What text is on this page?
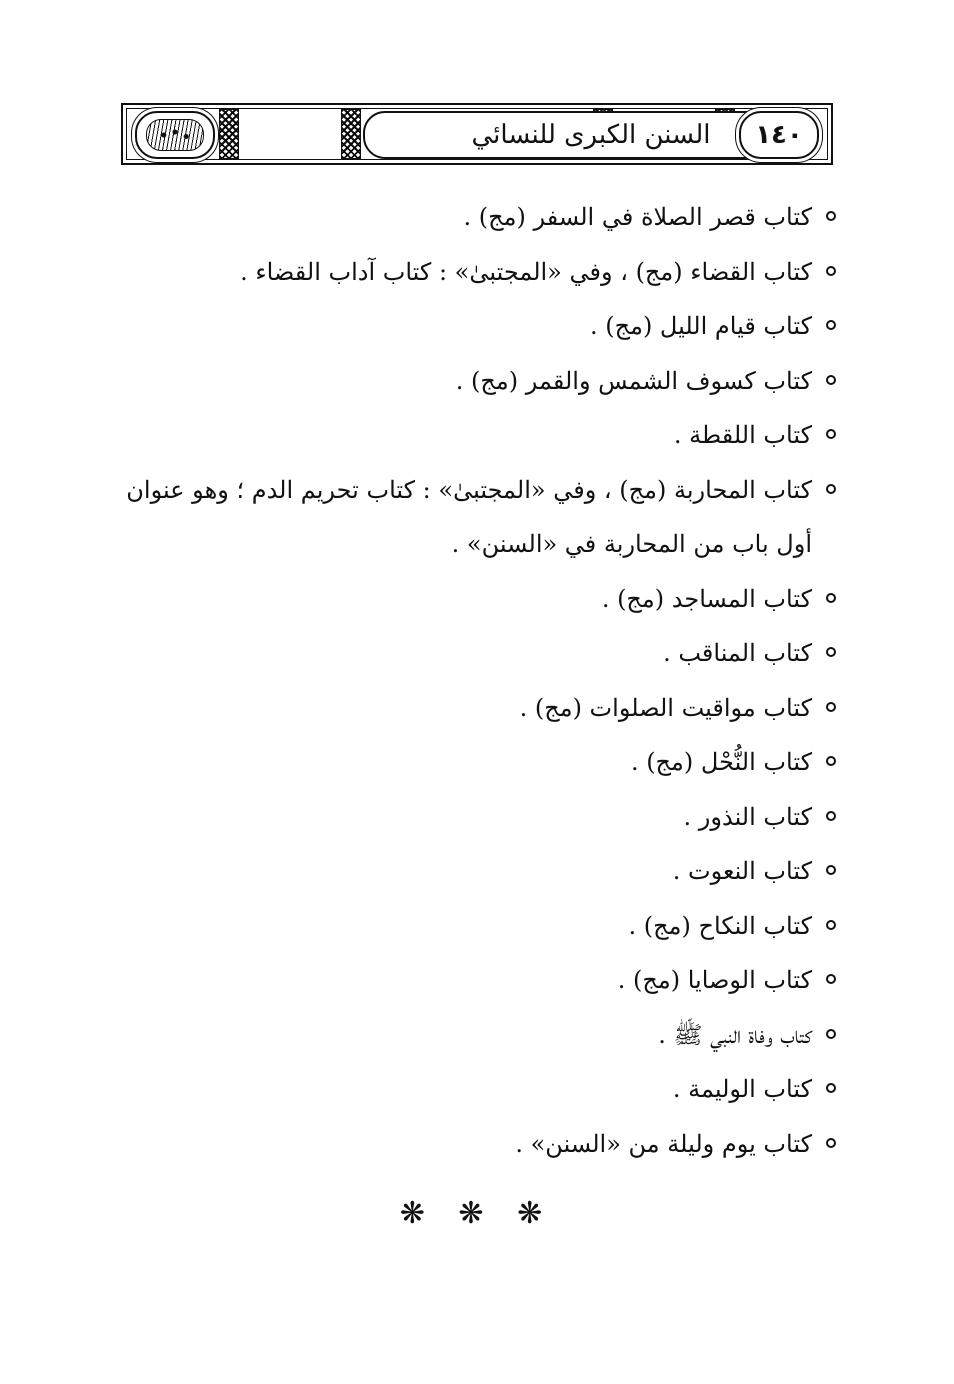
السنن الكبرى للنسائي ١٤٠
كتاب قصر الصلاة في السفر (مج) .
كتاب القضاء (مج) ، وفي «المجتبىٰ» : كتاب آداب القضاء .
كتاب قيام الليل (مج) .
كتاب كسوف الشمس والقمر (مج) .
كتاب اللقطة .
كتاب المحاربة (مج) ، وفي «المجتبىٰ» : كتاب تحريم الدم ؛ وهو عنوان أول باب من المحاربة في «السنن» .
كتاب المساجد (مج) .
كتاب المناقب .
كتاب مواقيت الصلوات (مج) .
كتاب النُّحْل (مج) .
كتاب النذور .
كتاب النعوت .
كتاب النكاح (مج) .
كتاب الوصايا (مج) .
كتاب وفاة النبي ﷺ .
كتاب الوليمة .
كتاب يوم وليلة من «السنن» .
❋ ❋ ❋
